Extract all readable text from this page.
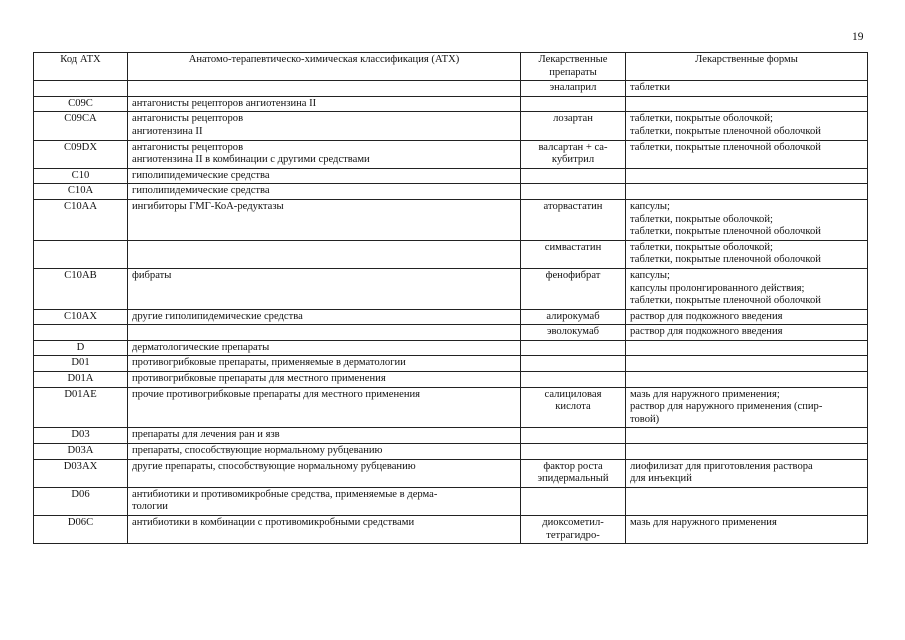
19
Код АТХ	Анатомо-терапевтическо-химическая классификация (АТХ)	Лекарственные
препараты	Лекарственные формы
		эналаприл	таблетки
C09C	антагонисты рецепторов ангиотензина II		
C09CA	антагонисты рецепторов
ангиотензина II	лозартан	таблетки, покрытые оболочкой;
таблетки, покрытые пленочной оболочкой
C09DX	антагонисты рецепторов
ангиотензина II в комбинации с другими средствами	валсартан + са-
кубитрил	таблетки, покрытые пленочной оболочкой
C10	гиполипидемические средства		
C10A	гиполипидемические средства		
C10AA	ингибиторы ГМГ-КоА-редуктазы	аторвастатин	капсулы;
таблетки, покрытые оболочкой;
таблетки, покрытые пленочной оболочкой
		симвастатин	таблетки, покрытые оболочкой;
таблетки, покрытые пленочной оболочкой
C10AB	фибраты	фенофибрат	капсулы;
капсулы пролонгированного действия;
таблетки, покрытые пленочной оболочкой
C10AX	другие гиполипидемические средства	алирокумаб	раствор для подкожного введения
		эволокумаб	раствор для подкожного введения
D	дерматологические препараты		
D01	противогрибковые препараты, применяемые в дерматологии		
D01A	противогрибковые препараты для местного применения		
D01AE	прочие противогрибковые препараты для местного применения	салициловая
кислота	мазь для наружного применения;
раствор для наружного применения (спир-
товой)
D03	препараты для лечения ран и язв		
D03A	препараты, способствующие нормальному рубцеванию		
D03AX	другие препараты, способствующие нормальному рубцеванию	фактор роста
эпидермальный	лиофилизат для приготовления раствора
для инъекций
D06	антибиотики и противомикробные средства, применяемые в дерма-
тологии		
D06C	антибиотики в комбинации с противомикробными средствами	диоксометил-
тетрагидро-	мазь для наружного применения
